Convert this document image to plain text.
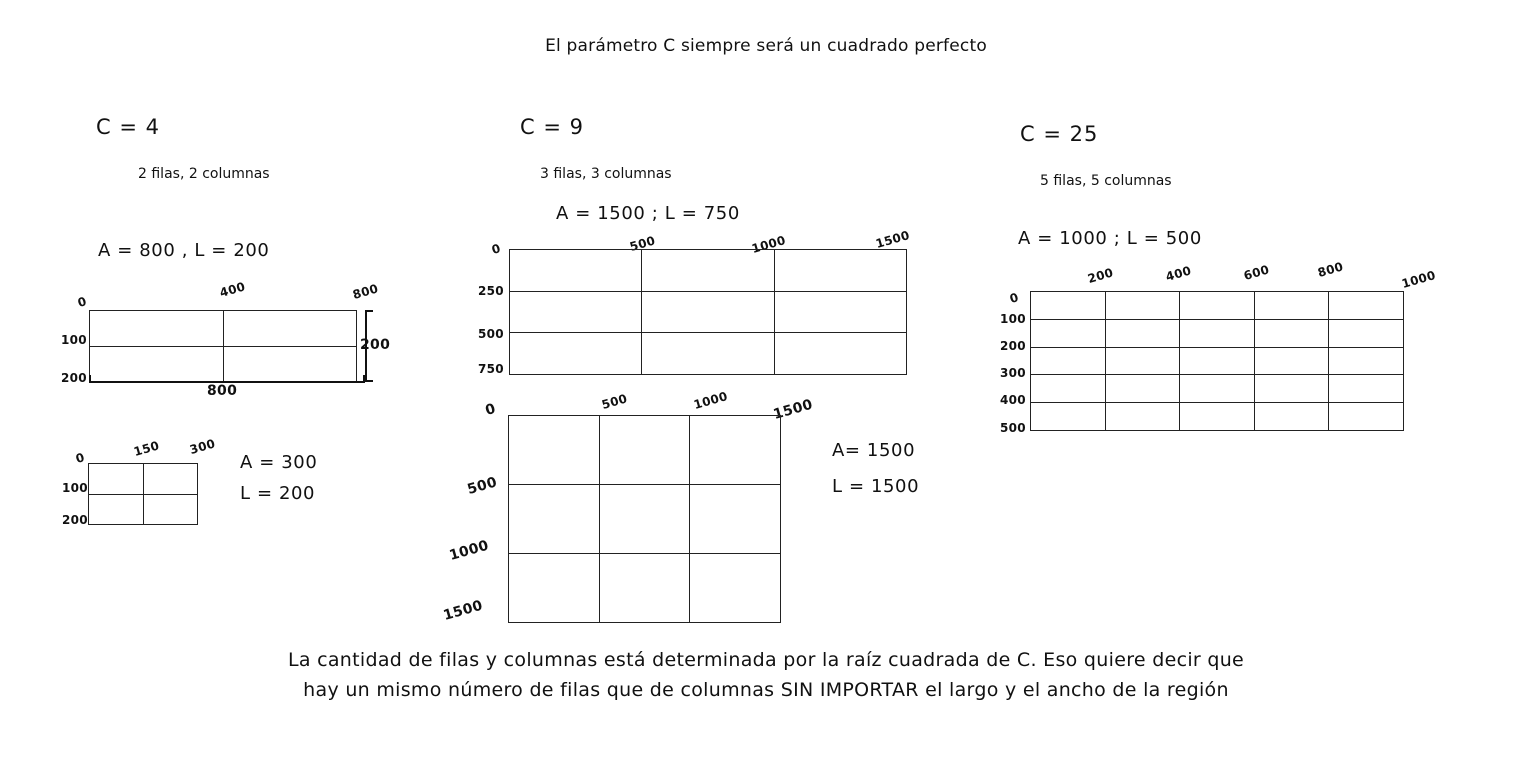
El parámetro C siempre será un cuadrado perfecto
C = 4
2 filas, 2 columnas
A = 800 , L = 200
0
400	800
100
200
200
800
0	150 300
100
200
A = 300
L = 200
C = 9
3 filas, 3 columnas
A = 1500 ; L = 750
0	500	1000	1500
250
500
750
0	500	1000	1500
500
1000
1500
A= 1500
L = 1500
C = 25
5 filas, 5 columnas
A = 1000 ; L = 500
0
200	400	600	800	1000
100
200
300
400
500
La cantidad de filas y columnas está determinada por la raíz cuadrada de C. Eso quiere decir que
hay un mismo número de filas que de columnas SIN IMPORTAR el largo y el ancho de la región
